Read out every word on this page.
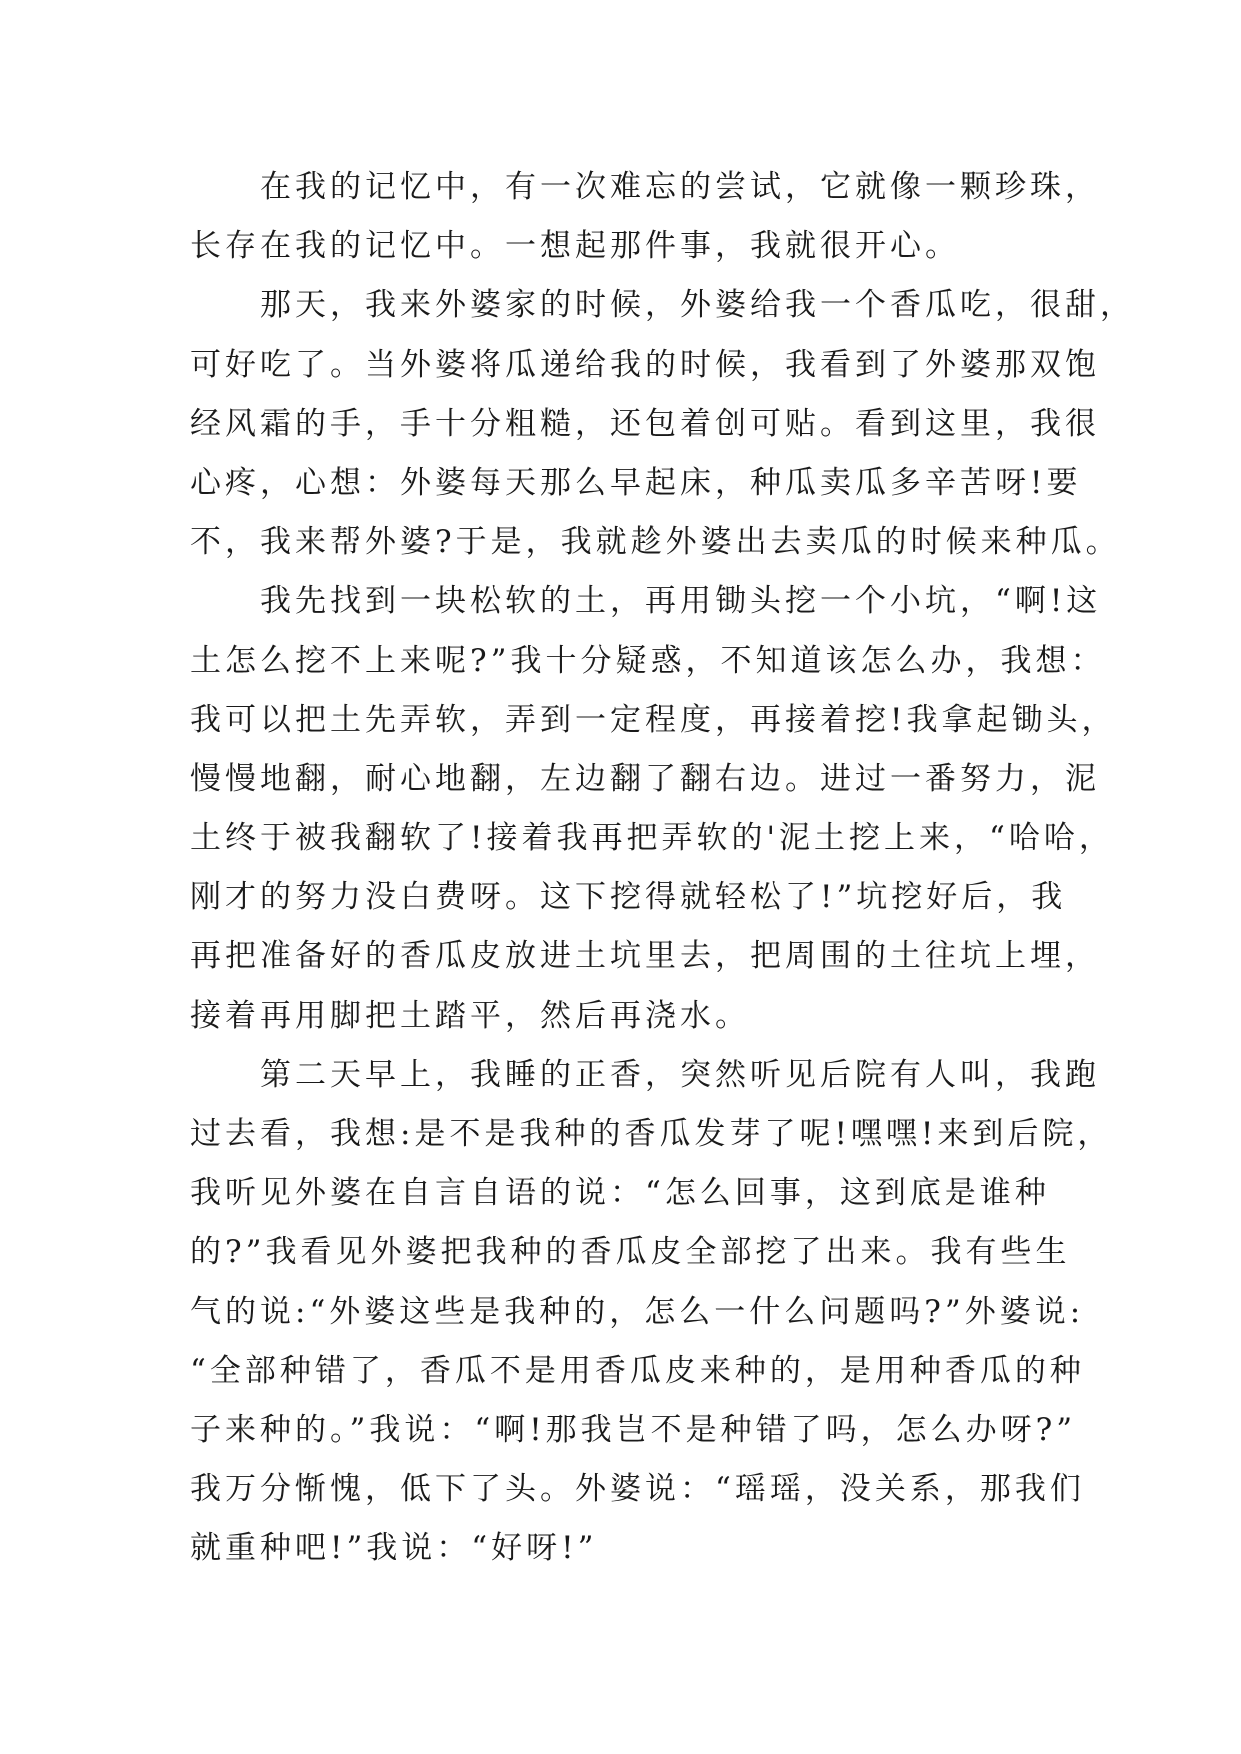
在我的记忆中，有一次难忘的尝试，它就像一颗珍珠，
长存在我的记忆中。一想起那件事，我就很开心。
那天，我来外婆家的时候，外婆给我一个香瓜吃，很甜，
可好吃了。当外婆将瓜递给我的时候，我看到了外婆那双饱
经风霜的手，手十分粗糙，还包着创可贴。看到这里，我很
心疼，心想：外婆每天那么早起床，种瓜卖瓜多辛苦呀!要
不，我来帮外婆?于是，我就趁外婆出去卖瓜的时候来种瓜。
我先找到一块松软的土，再用锄头挖一个小坑，“啊!这
土怎么挖不上来呢?”我十分疑惑，不知道该怎么办，我想：
我可以把土先弄软，弄到一定程度，再接着挖!我拿起锄头，
慢慢地翻，耐心地翻，左边翻了翻右边。进过一番努力，泥
土终于被我翻软了!接着我再把弄软的'泥土挖上来，“哈哈，
刚才的努力没白费呀。这下挖得就轻松了!”坑挖好后，我
再把准备好的香瓜皮放进土坑里去，把周围的土往坑上埋，
接着再用脚把土踏平，然后再浇水。
第二天早上，我睡的正香，突然听见后院有人叫，我跑
过去看，我想:是不是我种的香瓜发芽了呢!嘿嘿!来到后院，
我听见外婆在自言自语的说：“怎么回事，这到底是谁种
的?”我看见外婆把我种的香瓜皮全部挖了出来。我有些生
气的说:“外婆这些是我种的，怎么一什么问题吗?”外婆说:
“全部种错了，香瓜不是用香瓜皮来种的，是用种香瓜的种
子来种的。”我说：“啊!那我岂不是种错了吗，怎么办呀?”
我万分惭愧，低下了头。外婆说：“瑶瑶，没关系，那我们
就重种吧!”我说：“好呀!”
